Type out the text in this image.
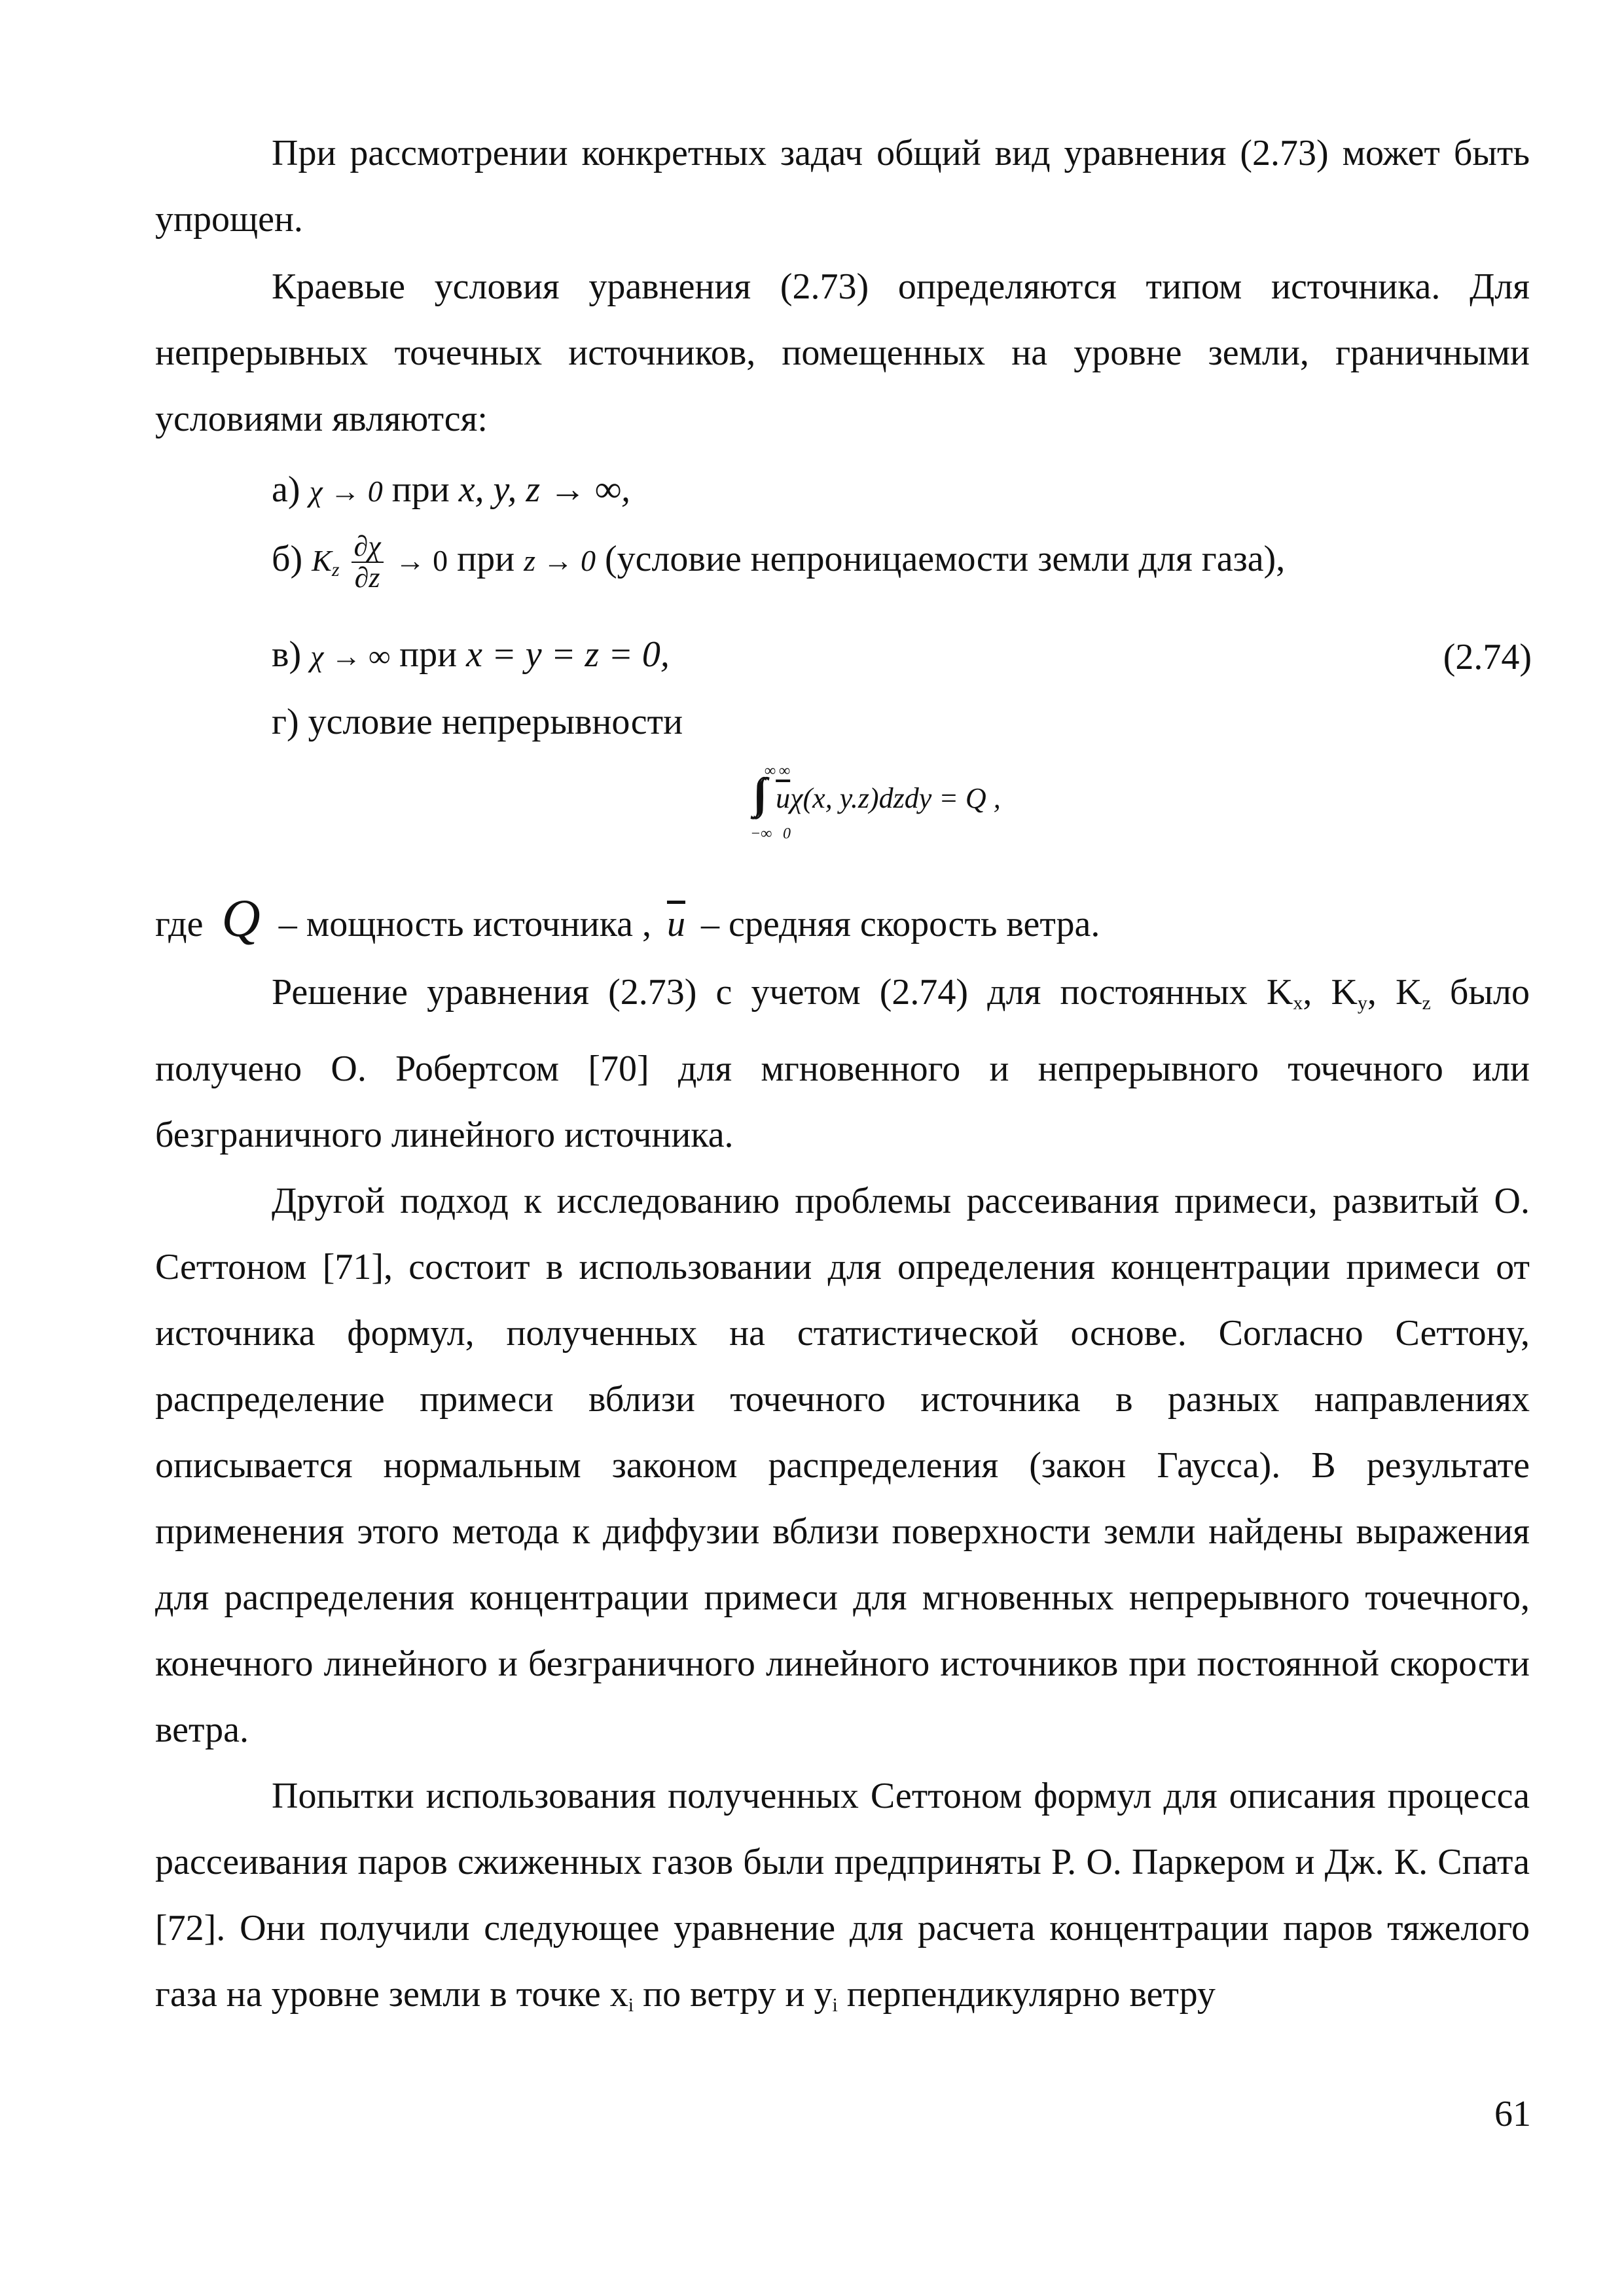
При рассмотрении конкретных задач общий вид уравнения (2.73) может быть упрощен.

Краевые условия уравнения (2.73) определяются типом источника. Для непрерывных точечных источников, помещенных на уровне земли, граничными условиями являются:

а) χ → 0 при x, y, z → ∞,
б) $K_z \frac{\partial\chi}{\partial z} \to 0$ при z → 0 (условие непроницаемости земли для газа),
в) χ → ∞ при x = y = z = 0,	(2.74)
г) условие непрерывности
∞ ∞
∫∫ $\overline{u}\chi(x$, y.z)dzdy = Q ,
−∞ 0

где Q – мощность источника , $\overline{u}$ – средняя скорость ветра.

Решение уравнения (2.73) с учетом (2.74) для постоянных $K_x$, $K_y$, $K_z$ было получено О. Робертсом [70] для мгновенного и непрерывного точечного или безграничного линейного источника.

Другой подход к исследованию проблемы рассеивания примеси, развитый О. Сеттоном [71], состоит в использовании для определения концентрации примеси от источника формул, полученных на статистической основе. Согласно Сеттону, распределение примеси вблизи точечного источника в разных направлениях описывается нормальным законом распределения (закон Гаусса). В результате применения этого метода к диффузии вблизи поверхности земли найдены выражения для распределения концентрации примеси для мгновенных непрерывного точечного, конечного линейного и безграничного линейного источников при постоянной скорости ветра.

Попытки использования полученных Сеттоном формул для описания процесса рассеивания паров сжиженных газов были предприняты Р. О. Паркером и Дж. К. Спата [72]. Они получили следующее уравнение для расчета концентрации паров тяжелого газа на уровне земли в точке $x_i$ по ветру и $y_i$ перпендикулярно ветру

61
